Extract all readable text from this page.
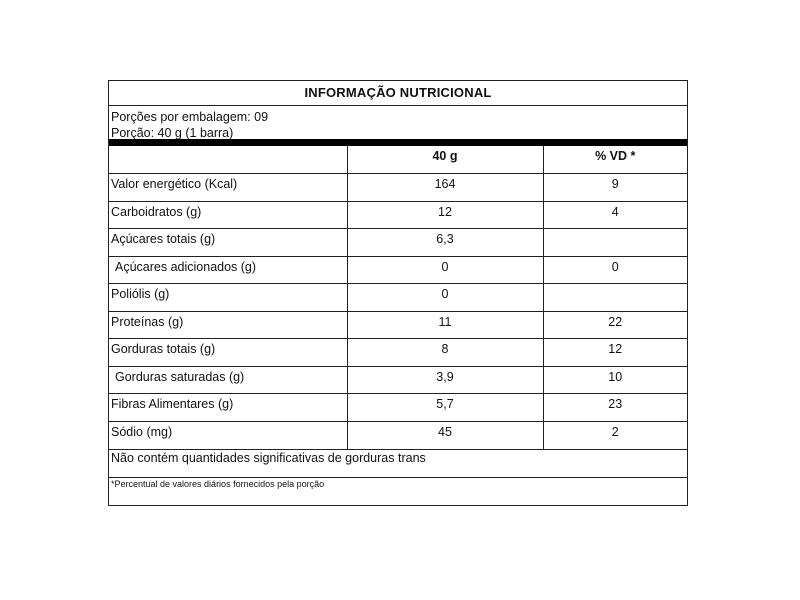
INFORMAÇÃO NUTRICIONAL
Porções por embalagem: 09
Porção: 40 g (1 barra)
	40 g	% VD *
Valor energético (Kcal)	164	9
Carboidratos (g)	12	4
Açúcares totais (g)	6,3	
Açúcares adicionados (g)	0	0
Poliólis (g)	0	
Proteínas (g)	11	22
Gorduras totais (g)	8	12
Gorduras saturadas (g)	3,9	10
Fibras Alimentares (g)	5,7	23
Sódio (mg)	45	2
Não contém quantidades significativas de gorduras trans
*Percentual de valores diários fornecidos pela porção
